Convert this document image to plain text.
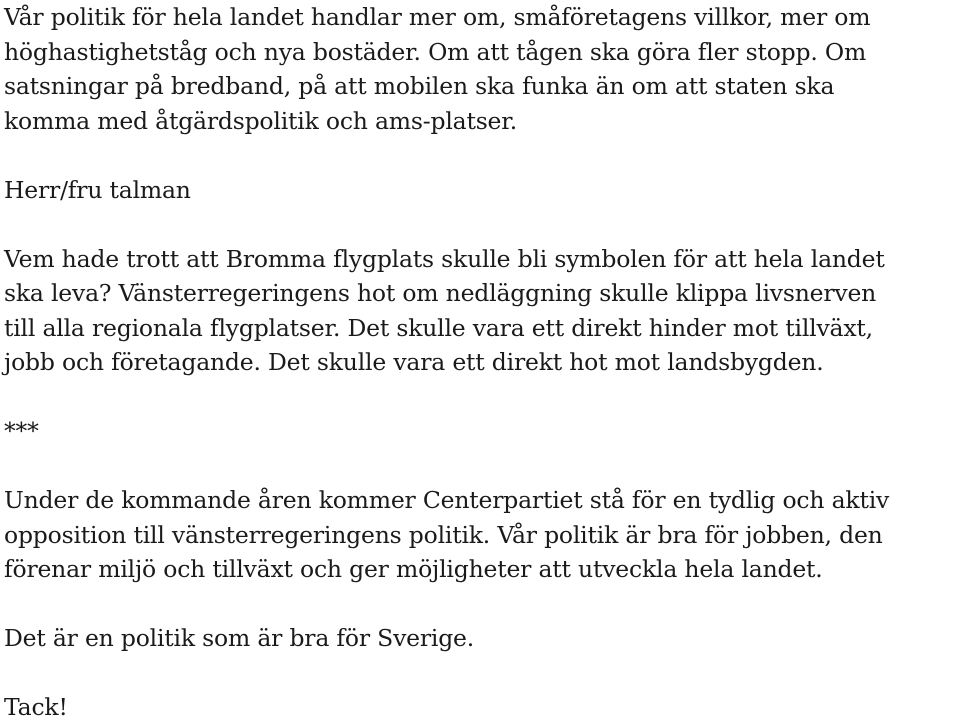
Vår politik för hela landet handlar mer om, småföretagens villkor, mer om
höghastighetståg och nya bostäder. Om att tågen ska göra fler stopp. Om
satsningar på bredband, på att mobilen ska funka än om att staten ska
komma med åtgärdspolitik och ams-platser.

Herr/fru talman

Vem hade trott att Bromma flygplats skulle bli symbolen för att hela landet
ska leva? Vänsterregeringens hot om nedläggning skulle klippa livsnerven
till alla regionala flygplatser. Det skulle vara ett direkt hinder mot tillväxt,
jobb och företagande. Det skulle vara ett direkt hot mot landsbygden.

***

Under de kommande åren kommer Centerpartiet stå för en tydlig och aktiv
opposition till vänsterregeringens politik. Vår politik är bra för jobben, den
förenar miljö och tillväxt och ger möjligheter att utveckla hela landet.

Det är en politik som är bra för Sverige.

Tack!
